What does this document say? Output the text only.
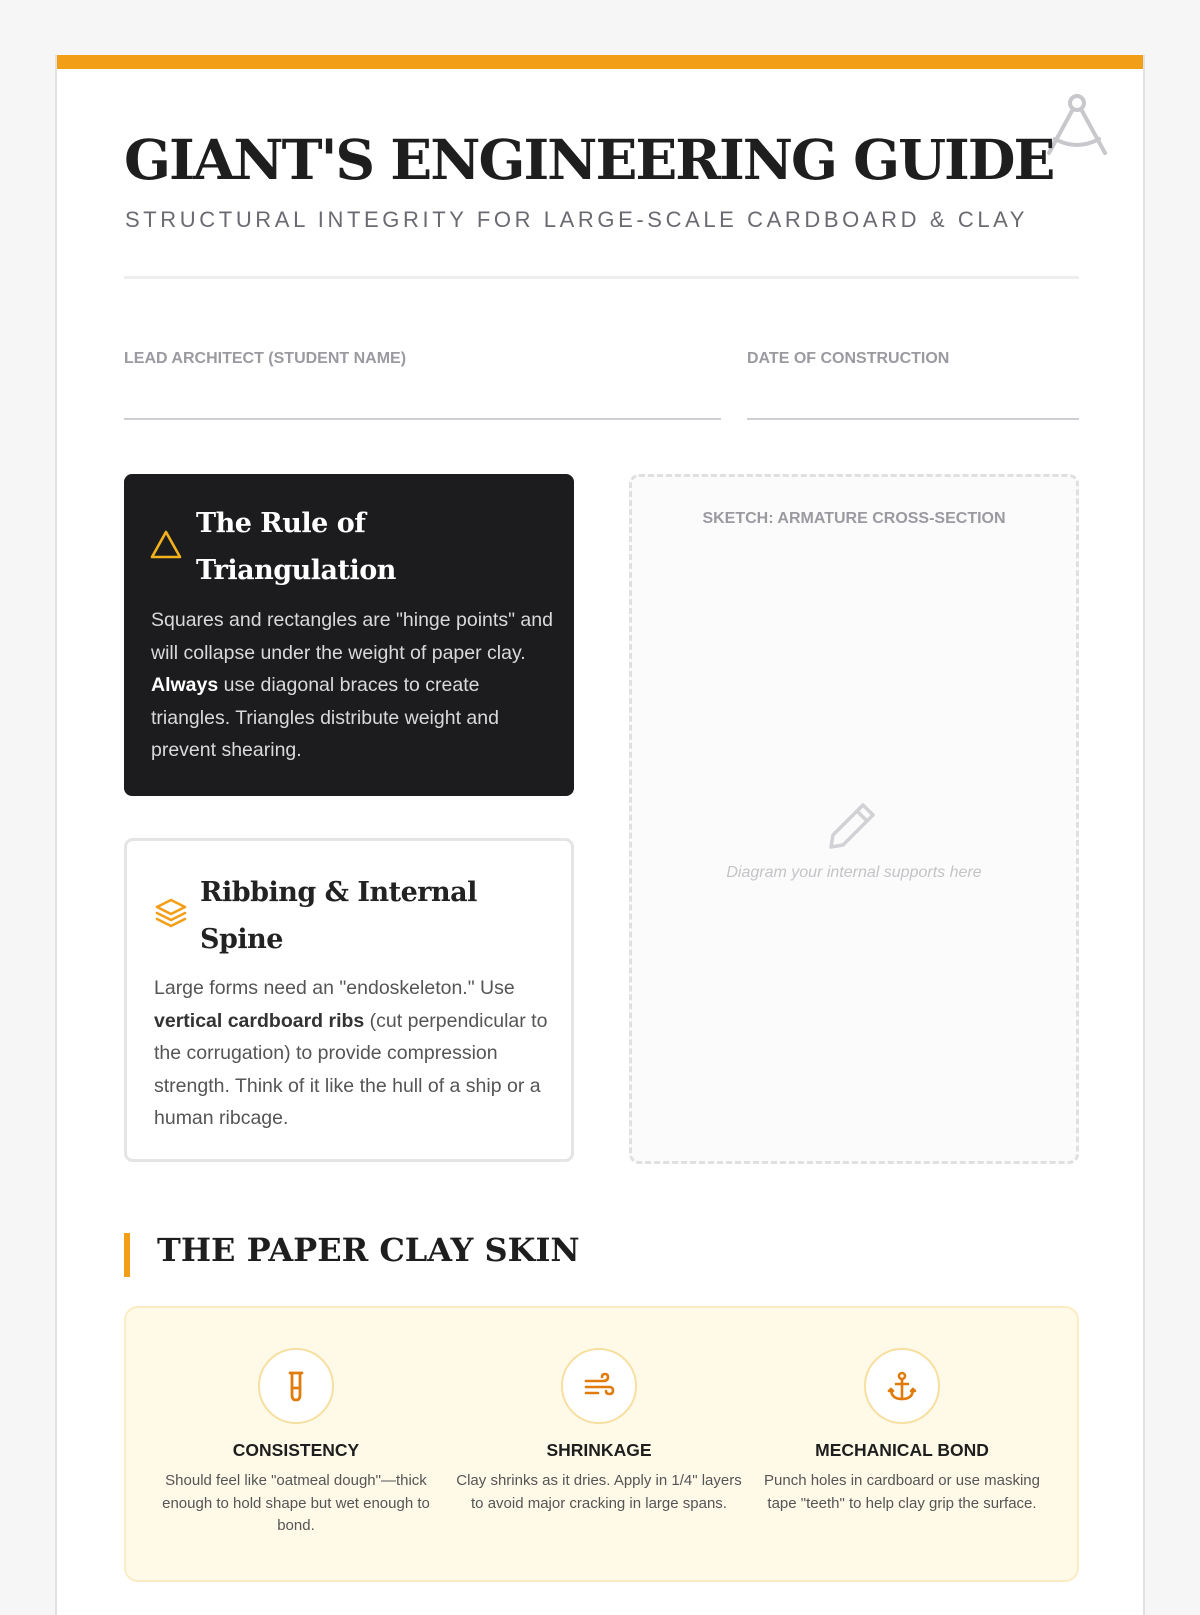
GIANT'S ENGINEERING GUIDE
STRUCTURAL INTEGRITY FOR LARGE-SCALE CARDBOARD & CLAY
LEAD ARCHITECT (STUDENT NAME)	DATE OF CONSTRUCTION
The Rule of Triangulation
Squares and rectangles are "hinge points" and will collapse under the weight of paper clay. Always use diagonal braces to create triangles. Triangles distribute weight and prevent shearing.
Ribbing & Internal Spine
Large forms need an "endoskeleton." Use vertical cardboard ribs (cut perpendicular to the corrugation) to provide compression strength. Think of it like the hull of a ship or a human ribcage.
SKETCH: ARMATURE CROSS-SECTION
Diagram your internal supports here
THE PAPER CLAY SKIN
CONSISTENCY
Should feel like "oatmeal dough"—thick enough to hold shape but wet enough to bond.
SHRINKAGE
Clay shrinks as it dries. Apply in 1/4" layers to avoid major cracking in large spans.
MECHANICAL BOND
Punch holes in cardboard or use masking tape "teeth" to help clay grip the surface.
